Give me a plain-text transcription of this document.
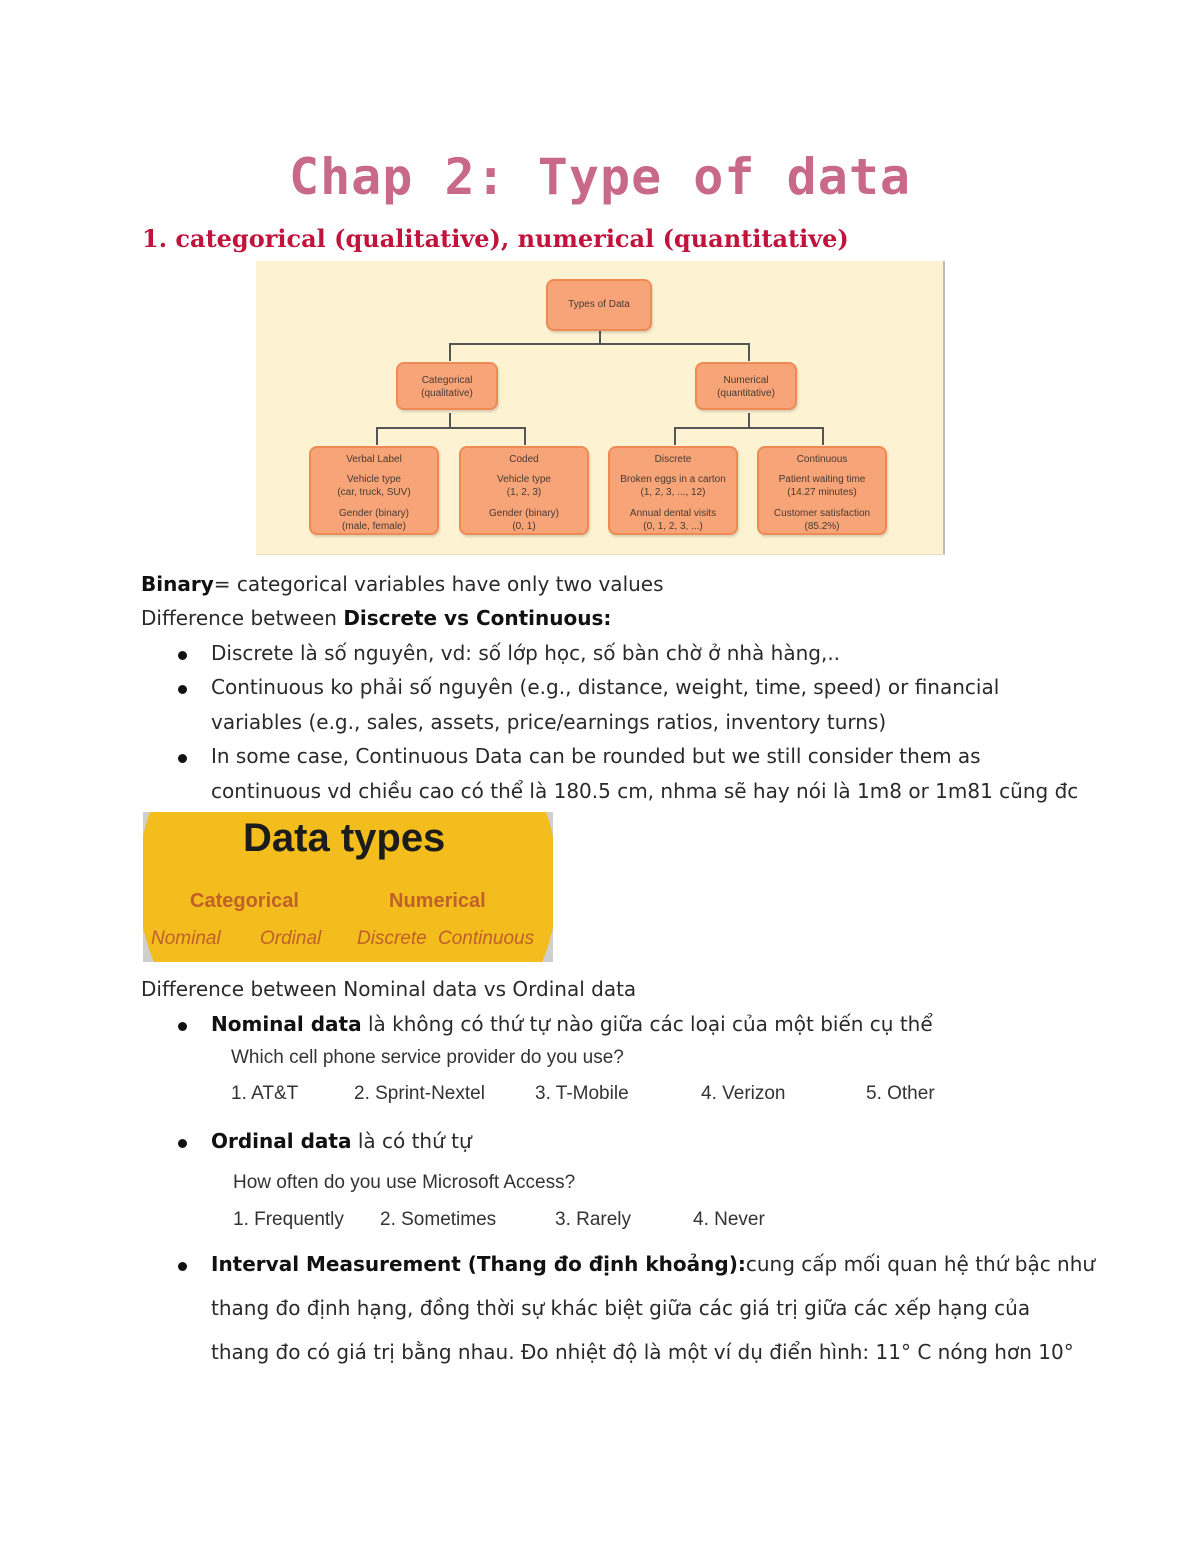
Chap 2: Type of data
1. categorical (qualitative), numerical (quantitative)
Types of Data
Categorical
(qualitative)
Numerical
(quantitative)
Verbal Label
Vehicle type
(car, truck, SUV)
Gender (binary)
(male, female)
Coded
Vehicle type
(1, 2, 3)
Gender (binary)
(0, 1)
Discrete
Broken eggs in a carton
(1, 2, 3, ..., 12)
Annual dental visits
(0, 1, 2, 3, ...)
Continuous
Patient waiting time
(14.27 minutes)
Customer satisfaction
(85.2%)
Binary= categorical variables have only two values
Difference between Discrete vs Continuous:
Discrete là số nguyên, vd: số lớp học, số bàn chờ ở nhà hàng,..
Continuous ko phải số nguyên (e.g., distance, weight, time, speed) or financial
variables (e.g., sales, assets, price/earnings ratios, inventory turns)
In some case, Continuous Data can be rounded but we still consider them as
continuous vd chiều cao có thể là 180.5 cm, nhma sẽ hay nói là 1m8 or 1m81 cũng đc
Data types
Categorical	Numerical
Nominal Ordinal Discrete Continuous
Difference between Nominal data vs Ordinal data
Nominal data là không có thứ tự nào giữa các loại của một biến cụ thể
Which cell phone service provider do you use?
1. AT&T	2. Sprint-Nextel	3. T-Mobile	4. Verizon	5. Other
Ordinal data là có thứ tự
How often do you use Microsoft Access?
1. Frequently 2. Sometimes	3. Rarely	4. Never
Interval Measurement (Thang đo định khoảng):cung cấp mối quan hệ thứ bậc như
thang đo định hạng, đồng thời sự khác biệt giữa các giá trị giữa các xếp hạng của
thang đo có giá trị bằng nhau. Đo nhiệt độ là một ví dụ điển hình: 11° C nóng hơn 10°
